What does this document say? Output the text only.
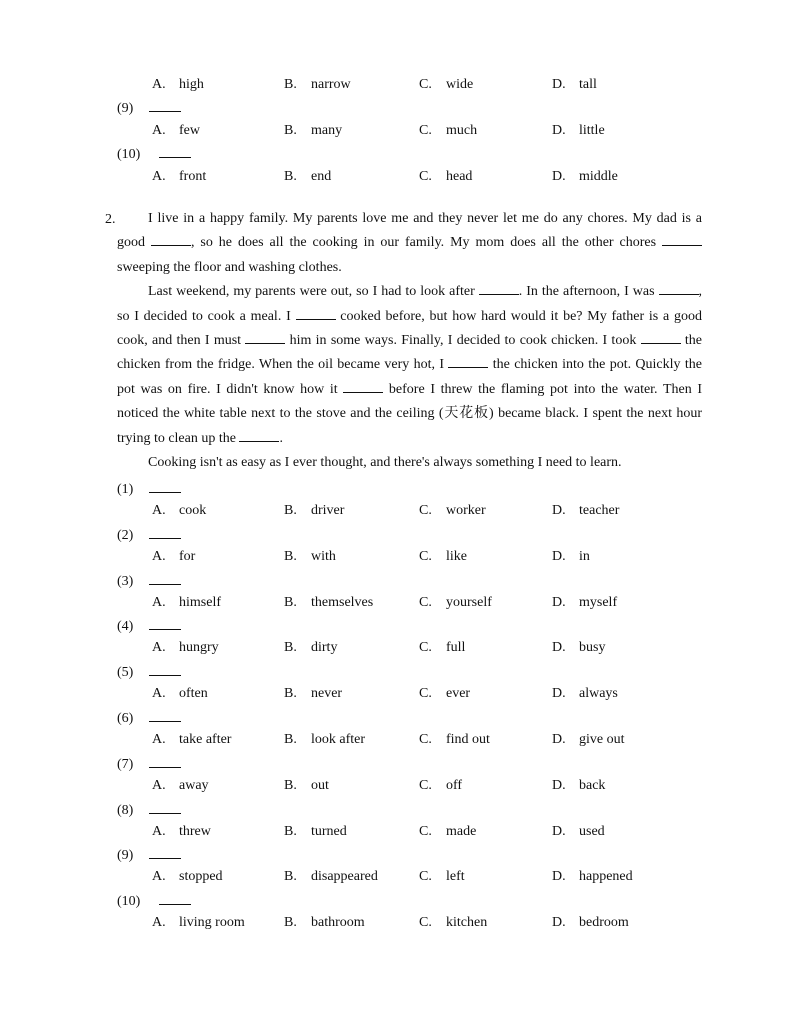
A. high	B. narrow	C. wide	D. tall
(9)
A. few	B. many	C. much	D. little
(10)
A. front	B. end	C. head	D. middle
2.	I live in a happy family. My parents love me and they never let me do any chores. My dad is a good	, so he does all the cooking in our family. My mom does all the other chores  sweeping the floor and washing clothes.

Last weekend, my parents were out, so I had to look after	. In the afternoon, I was	, so I decided to cook a meal. I	cooked before, but how hard would it be? My father is a good cook, and then I must	him in some ways. Finally, I decided to cook chicken. I took	the chicken from the fridge. When the oil became very hot, I	the chicken into the pot. Quickly the pot was on fire. I didn't know how it	before I threw the flaming pot into the water. Then I noticed the white table next to the stove and the ceiling (天花板) became black. I spent the next hour trying to clean up the	.

Cooking isn't as easy as I ever thought, and there's always something I need to learn.

(1)
A. cook	B. driver	C. worker	D. teacher
(2)
A. for	B. with	C. like	D. in
(3)
A. himself	B. themselves	C. yourself	D. myself
(4)
A. hungry	B. dirty	C. full	D. busy
(5)
A. often	B. never	C. ever	D. always
(6)
A. take after	B. look after	C. find out	D. give out
(7)
A. away	B. out	C. off	D. back
(8)
A. threw	B. turned	C. made	D. used
(9)
A. stopped	B. disappeared	C. left	D. happened
(10)
A. living room	B. bathroom	C. kitchen	D. bedroom
